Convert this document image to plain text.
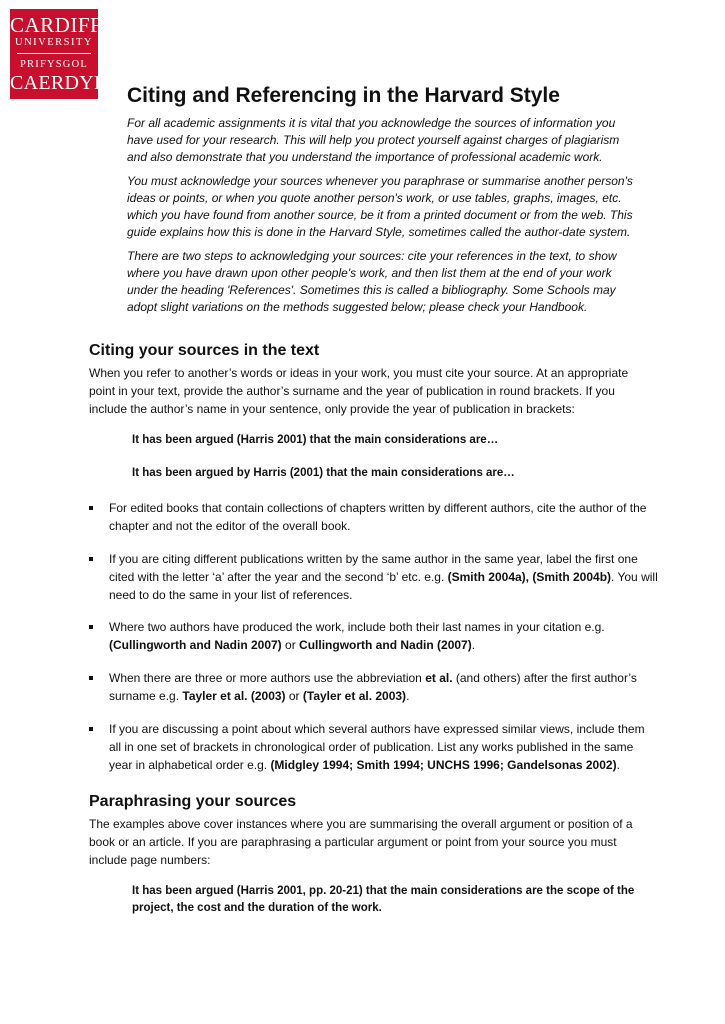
CARDIFF
UNIVERSITY
PRIFYSGOL
CAERDYDD
Citing and Referencing in the Harvard Style

For all academic assignments it is vital that you acknowledge the sources of information you have used for your research. This will help you protect yourself against charges of plagiarism and also demonstrate that you understand the importance of professional academic work.

You must acknowledge your sources whenever you paraphrase or summarise another person's ideas or points, or when you quote another person's work, or use tables, graphs, images, etc. which you have found from another source, be it from a printed document or from the web. This guide explains how this is done in the Harvard Style, sometimes called the author-date system.

There are two steps to acknowledging your sources: cite your references in the text, to show where you have drawn upon other people's work, and then list them at the end of your work under the heading 'References'. Sometimes this is called a bibliography. Some Schools may adopt slight variations on the methods suggested below; please check your Handbook.

Citing your sources in the text

When you refer to another’s words or ideas in your work, you must cite your source. At an appropriate point in your text, provide the author’s surname and the year of publication in round brackets. If you include the author’s name in your sentence, only provide the year of publication in brackets:

It has been argued (Harris 2001) that the main considerations are…
It has been argued by Harris (2001) that the main considerations are…
For edited books that contain collections of chapters written by different authors, cite the author of the chapter and not the editor of the overall book.
If you are citing different publications written by the same author in the same year, label the first one cited with the letter ‘a’ after the year and the second ‘b’ etc. e.g. (Smith 2004a), (Smith 2004b). You will need to do the same in your list of references.
Where two authors have produced the work, include both their last names in your citation e.g. (Cullingworth and Nadin 2007) or Cullingworth and Nadin (2007).
When there are three or more authors use the abbreviation et al. (and others) after the first author’s surname e.g. Tayler et al. (2003) or (Tayler et al. 2003).
If you are discussing a point about which several authors have expressed similar views, include them all in one set of brackets in chronological order of publication. List any works published in the same year in alphabetical order e.g. (Midgley 1994; Smith 1994; UNCHS 1996; Gandelsonas 2002).
Paraphrasing your sources

The examples above cover instances where you are summarising the overall argument or position of a book or an article. If you are paraphrasing a particular argument or point from your source you must include page numbers:

It has been argued (Harris 2001, pp. 20-21) that the main considerations are the scope of the project, the cost and the duration of the work.
